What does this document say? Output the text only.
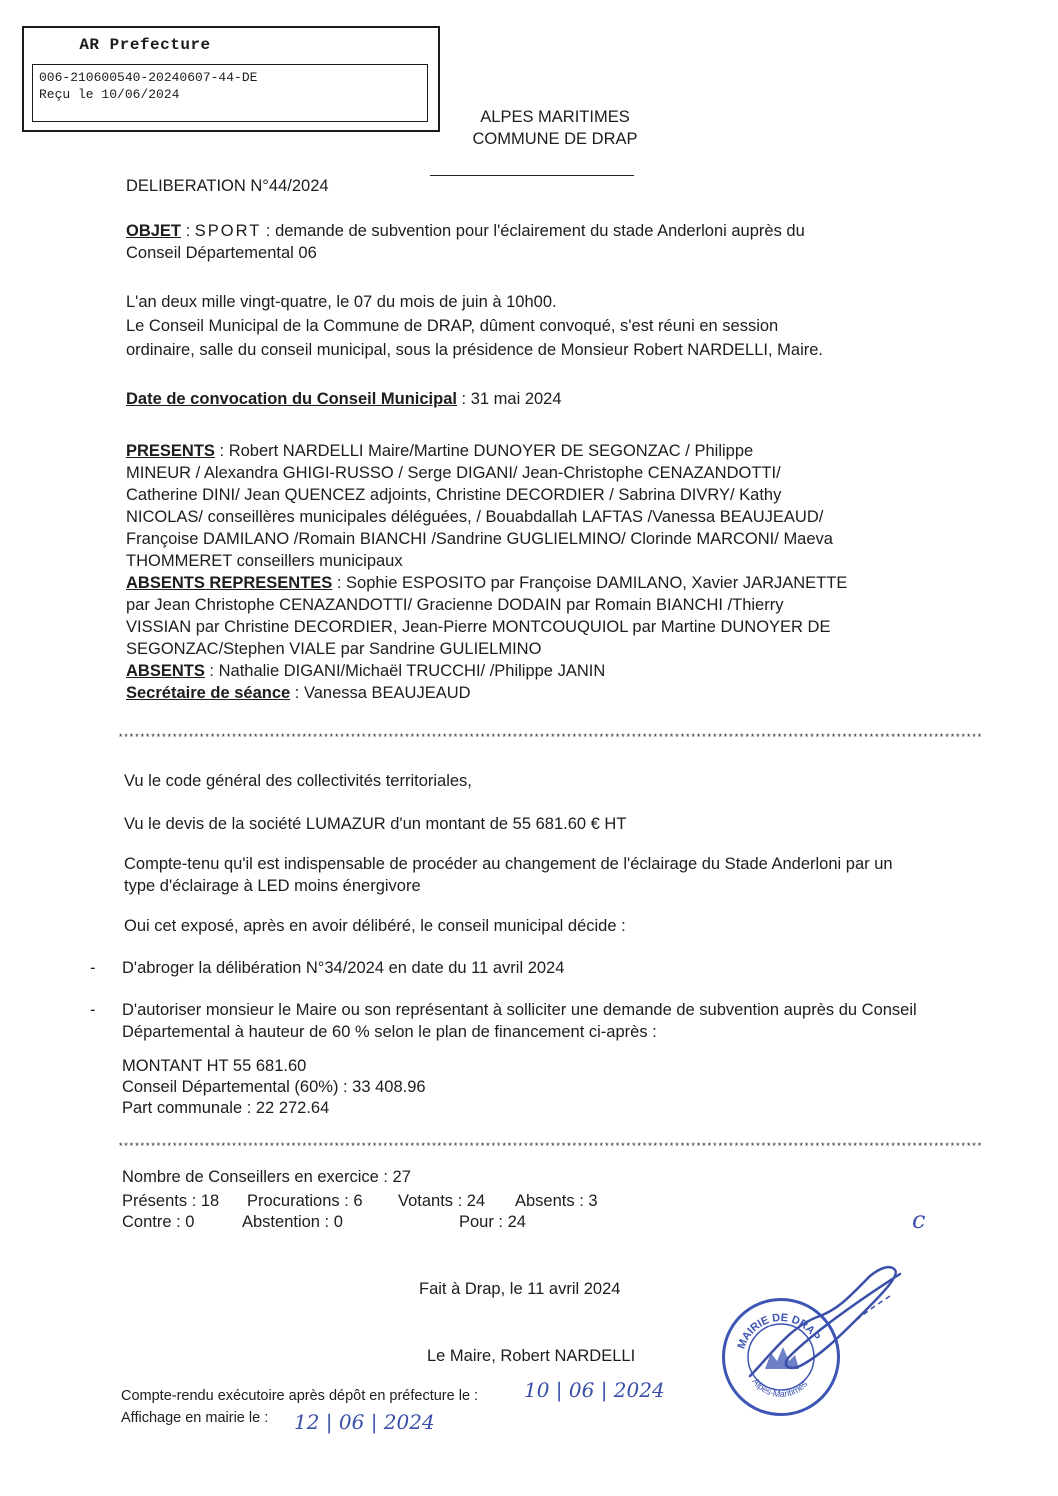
AR Prefecture
006-210600540-20240607-44-DE
Reçu le 10/06/2024
ALPES MARITIMES
COMMUNE DE DRAP
DELIBERATION N°44/2024
OBJET : SPORT : demande de subvention pour l'éclairement du stade Anderloni auprès du
Conseil Départemental 06
L'an deux mille vingt-quatre, le 07 du mois de juin à 10h00.
Le Conseil Municipal de la Commune de DRAP, dûment convoqué, s'est réuni en session
ordinaire, salle du conseil municipal, sous la présidence de Monsieur Robert NARDELLI, Maire.
Date de convocation du Conseil Municipal : 31 mai 2024
PRESENTS : Robert NARDELLI Maire/Martine DUNOYER DE SEGONZAC / Philippe
MINEUR / Alexandra GHIGI-RUSSO / Serge DIGANI/ Jean-Christophe CENAZANDOTTI/
Catherine DINI/ Jean QUENCEZ adjoints, Christine DECORDIER / Sabrina DIVRY/ Kathy
NICOLAS/ conseillères municipales déléguées, / Bouabdallah LAFTAS /Vanessa BEAUJEAUD/
Françoise DAMILANO /Romain BIANCHI /Sandrine GUGLIELMINO/ Clorinde MARCONI/ Maeva
THOMMERET conseillers municipaux
ABSENTS REPRESENTES : Sophie ESPOSITO par Françoise DAMILANO, Xavier JARJANETTE
par Jean Christophe CENAZANDOTTI/ Gracienne DODAIN par Romain BIANCHI /Thierry
VISSIAN par Christine DECORDIER, Jean-Pierre MONTCOUQUIOL par Martine DUNOYER DE
SEGONZAC/Stephen VIALE par Sandrine GULIELMINO
ABSENTS : Nathalie DIGANI/Michaël TRUCCHI/ /Philippe JANIN
Secrétaire de séance : Vanessa BEAUJEAUD
****************************************************************************************************************************************************************
Vu le code général des collectivités territoriales,
Vu le devis de la société LUMAZUR d'un montant de 55 681.60 € HT
Compte-tenu qu'il est indispensable de procéder au changement de l'éclairage du Stade Anderloni par un
type d'éclairage à LED moins énergivore
Oui cet exposé, après en avoir délibéré, le conseil municipal décide :
- D'abroger la délibération N°34/2024 en date du 11 avril 2024
- D'autoriser monsieur le Maire ou son représentant à solliciter une demande de subvention auprès du Conseil
Départemental à hauteur de 60 % selon le plan de financement ci-après :
MONTANT HT 55 681.60
Conseil Départemental (60%) : 33 408.96
Part communale : 22 272.64
****************************************************************************************************************************************************************
Nombre de Conseillers en exercice : 27
Présents : 18 Procurations : 6 Votants : 24 Absents : 3
Contre : 0	Abstention : 0	Pour : 24	c
Fait à Drap, le 11 avril 2024
Le Maire, Robert NARDELLI
MAIRIE DE DRAP
Alpes-Maritimes
Compte-rendu exécutoire après dépôt en préfecture le : 10 | 06 | 2024
Affichage en mairie le : 12 | 06 | 2024
